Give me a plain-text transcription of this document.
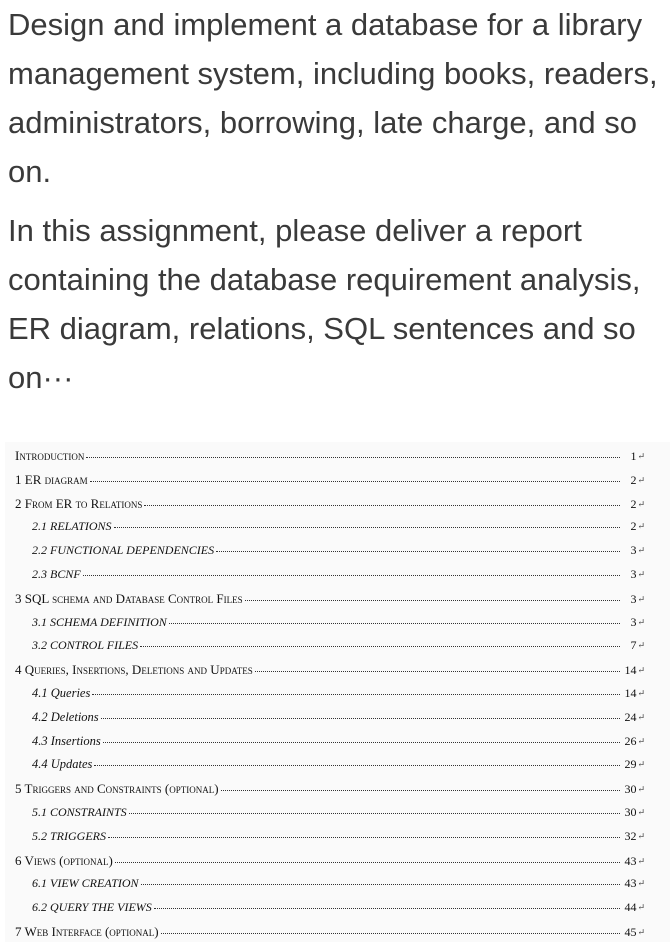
Design and implement a database for a library management system, including books, readers, administrators, borrowing, late charge, and so on.

In this assignment, please deliver a report containing the database requirement analysis, ER diagram, relations, SQL sentences and so on···

Introduction	1 ↵
1 ER diagram	2 ↵
2 From ER to Relations	2 ↵
2.1 RELATIONS	2 ↵
2.2 FUNCTIONAL DEPENDENCIES	3 ↵
2.3 BCNF	3 ↵
3 SQL schema and Database Control Files	3 ↵
3.1 SCHEMA DEFINITION	3 ↵
3.2 CONTROL FILES	7 ↵
4 Queries, Insertions, Deletions and Updates	14 ↵
4.1 Queries	14 ↵
4.2 Deletions	24 ↵
4.3 Insertions	26 ↵
4.4 Updates	29 ↵
5 Triggers and Constraints (optional)	30 ↵
5.1 CONSTRAINTS	30 ↵
5.2 TRIGGERS	32 ↵
6 Views (optional)	43 ↵
6.1 VIEW CREATION	43 ↵
6.2 QUERY THE VIEWS	44 ↵
7 Web Interface (optional)	45 ↵
